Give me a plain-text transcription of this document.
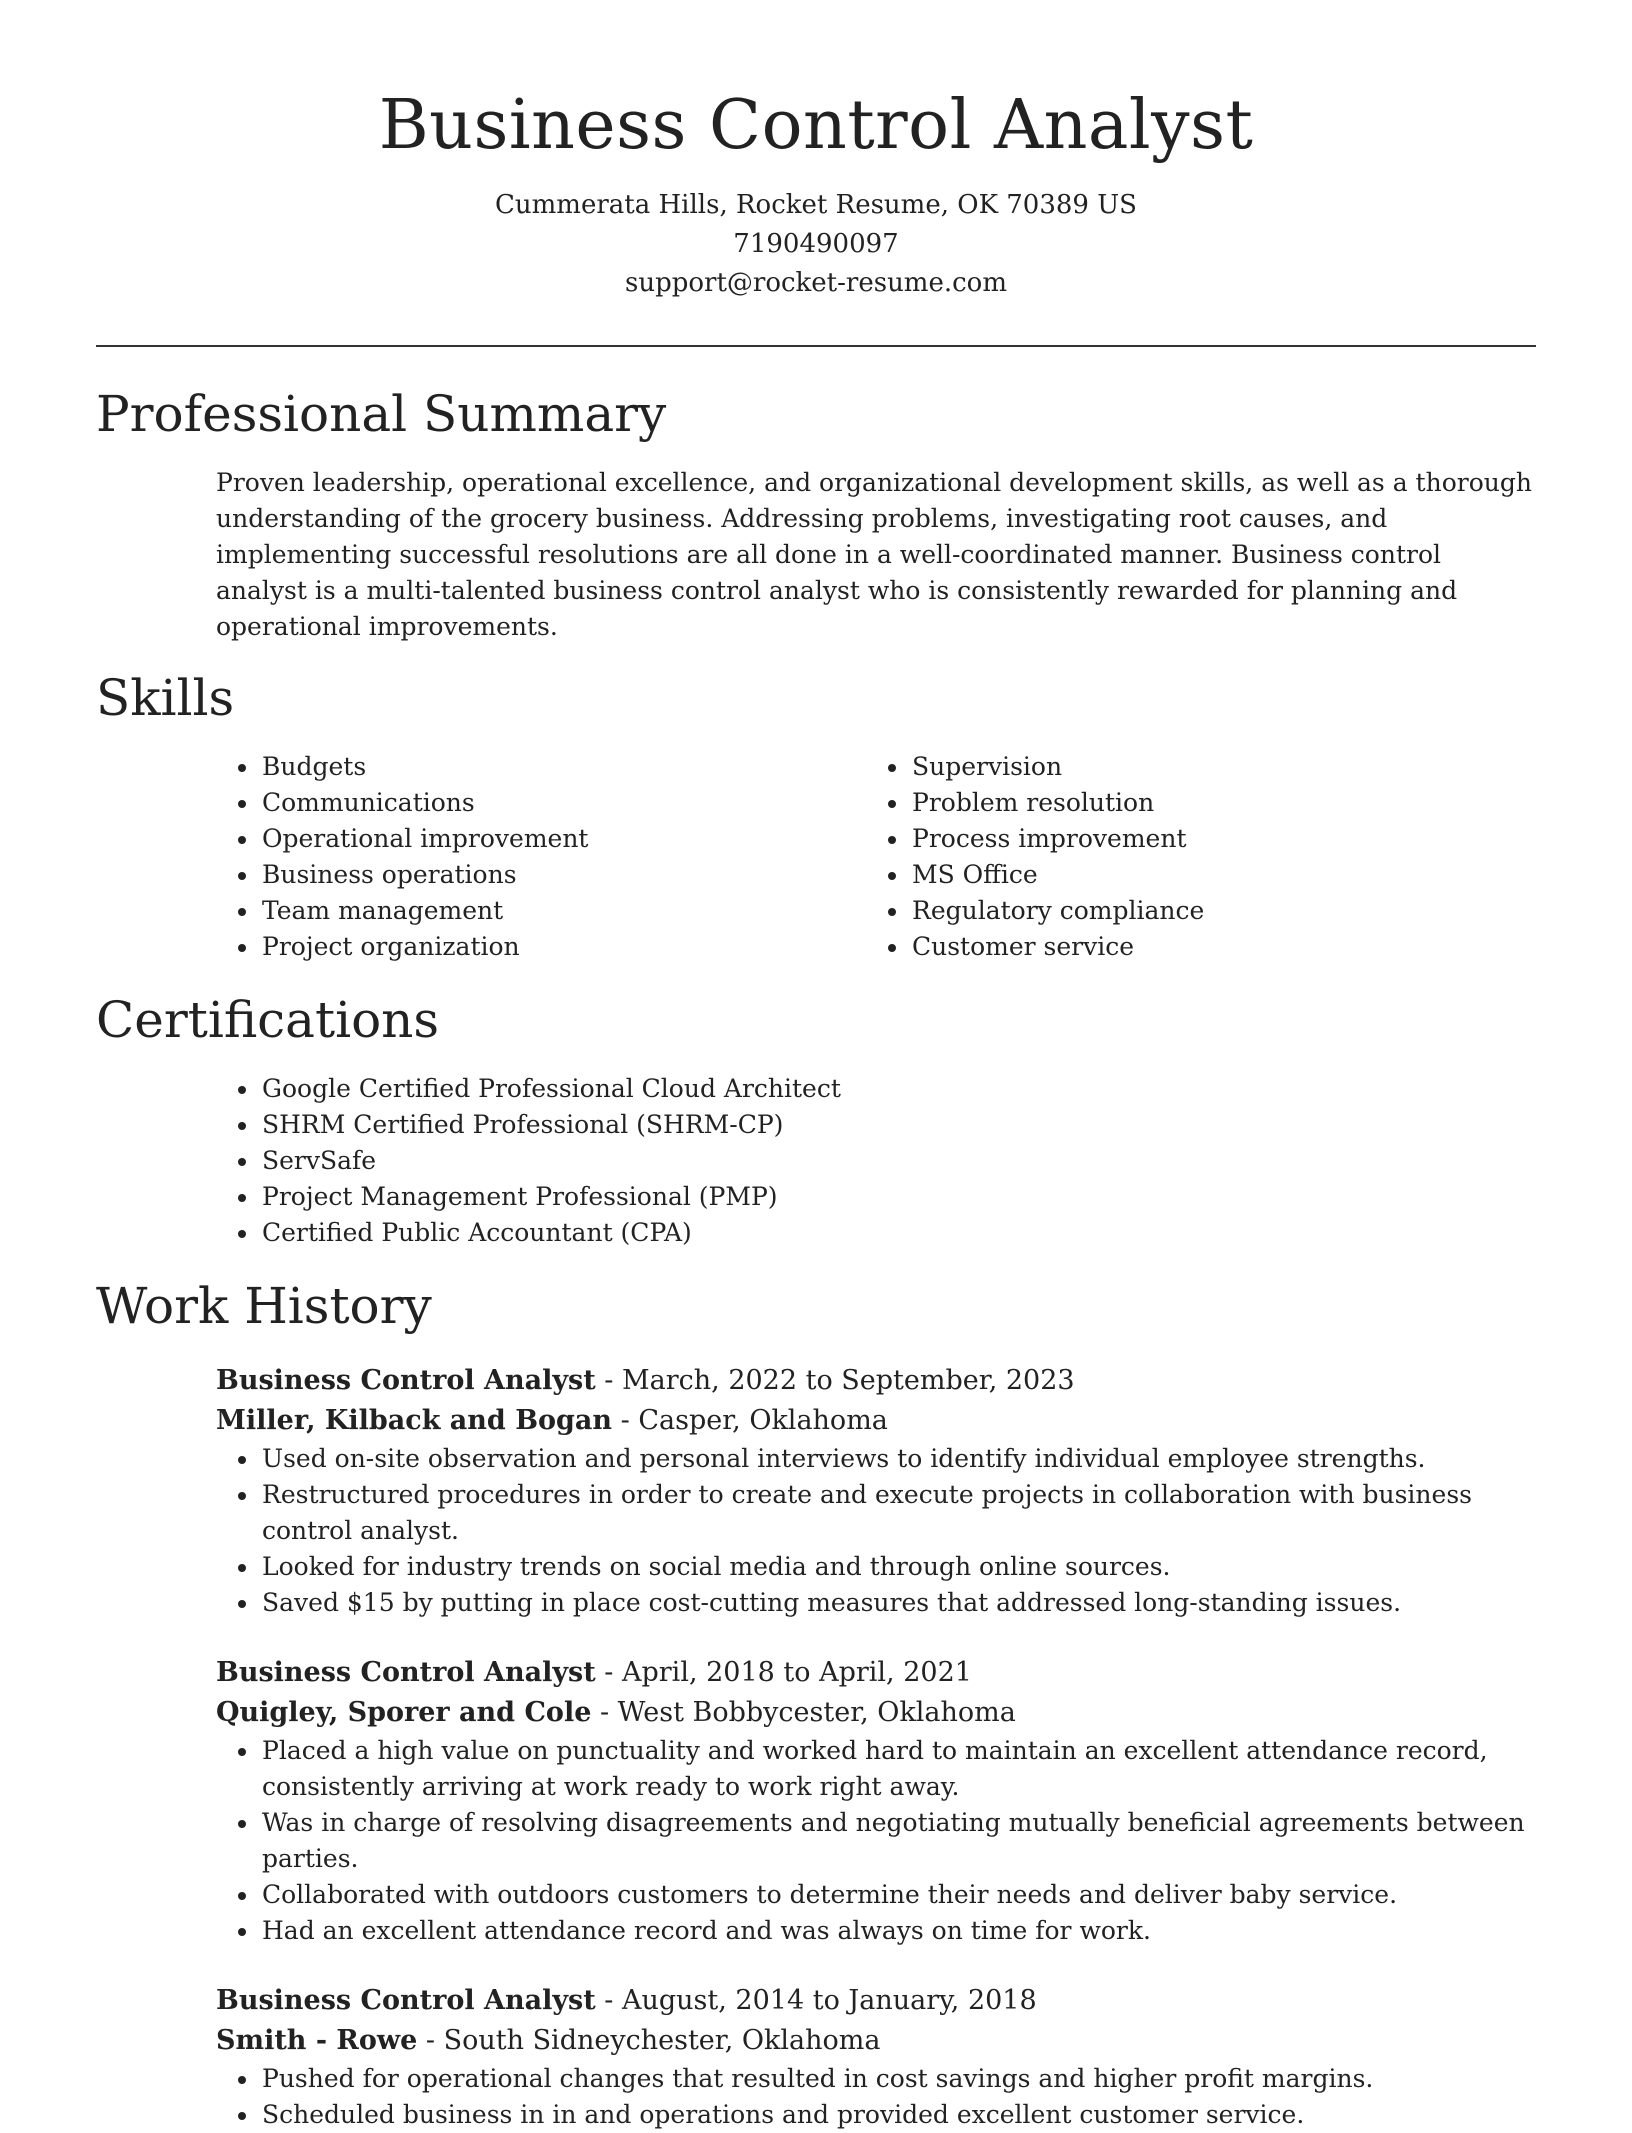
Business Control Analyst
Cummerata Hills, Rocket Resume, OK 70389 US
7190490097
support@rocket-resume.com
Professional Summary

Proven leadership, operational excellence, and organizational development skills, as well as a thorough understanding of the grocery business. Addressing problems, investigating root causes, and implementing successful resolutions are all done in a well-coordinated manner. Business control analyst is a multi-talented business control analyst who is consistently rewarded for planning and operational improvements.

Skills
• Budgets
• Communications
• Operational improvement
• Business operations
• Team management
• Project organization
• Supervision
• Problem resolution
• Process improvement
• MS Office
• Regulatory compliance
• Customer service
Certifications
• Google Certified Professional Cloud Architect
• SHRM Certified Professional (SHRM-CP)
• ServSafe
• Project Management Professional (PMP)
• Certified Public Accountant (CPA)
Work History
Business Control Analyst - March, 2022 to September, 2023
Miller, Kilback and Bogan - Casper, Oklahoma
• Used on-site observation and personal interviews to identify individual employee strengths.
• Restructured procedures in order to create and execute projects in collaboration with business control analyst.
• Looked for industry trends on social media and through online sources.
• Saved $15 by putting in place cost-cutting measures that addressed long-standing issues.
Business Control Analyst - April, 2018 to April, 2021
Quigley, Sporer and Cole - West Bobbycester, Oklahoma
• Placed a high value on punctuality and worked hard to maintain an excellent attendance record, consistently arriving at work ready to work right away.
• Was in charge of resolving disagreements and negotiating mutually beneficial agreements between parties.
• Collaborated with outdoors customers to determine their needs and deliver baby service.
• Had an excellent attendance record and was always on time for work.
Business Control Analyst - August, 2014 to January, 2018
Smith - Rowe - South Sidneychester, Oklahoma
• Pushed for operational changes that resulted in cost savings and higher profit margins.
• Scheduled business in in and operations and provided excellent customer service.
